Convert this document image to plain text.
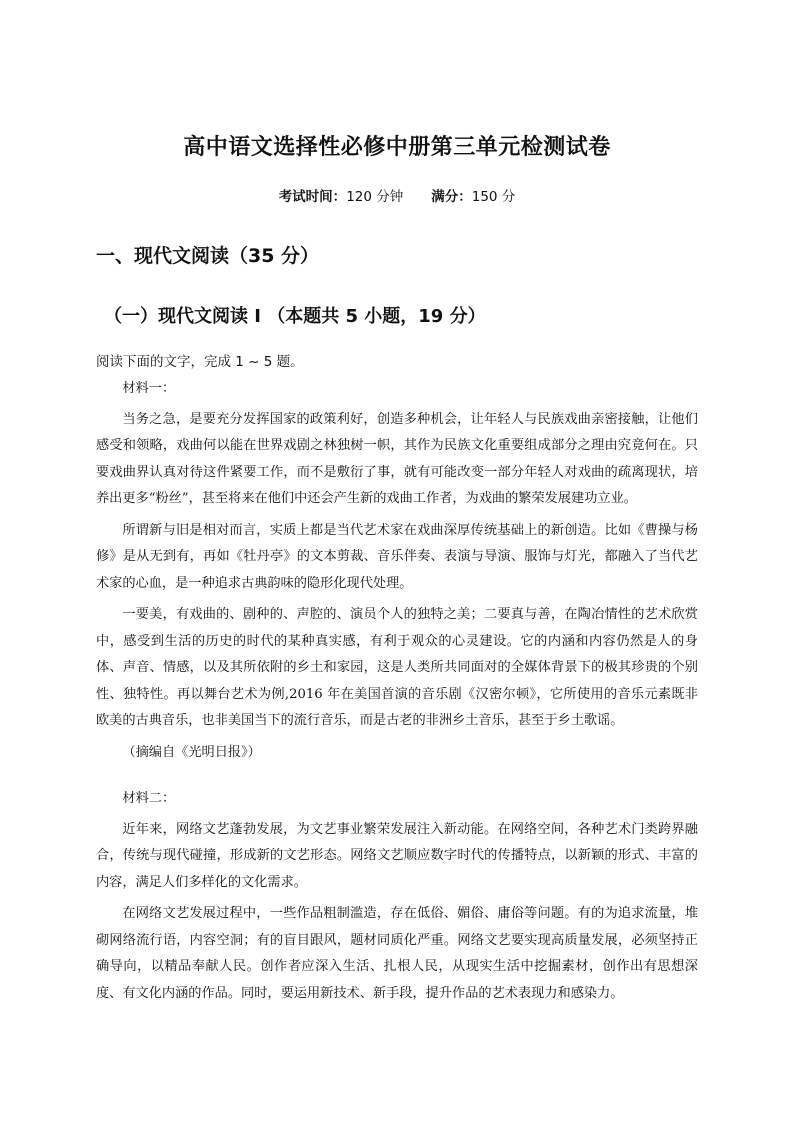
高中语文选择性必修中册第三单元检测试卷
考试时间：120 分钟 满分：150 分
一、现代文阅读（35 分）
（一）现代文阅读 Ⅰ （本题共 5 小题，19 分）
阅读下面的文字，完成 1 ~ 5 题。

材料一：

当务之急，是要充分发挥国家的政策利好，创造多种机会，让年轻人与民族戏曲亲密接触，让他们感受和领略，戏曲何以能在世界戏剧之林独树一帜，其作为民族文化重要组成部分之理由究竟何在。只要戏曲界认真对待这件紧要工作，而不是敷衍了事，就有可能改变一部分年轻人对戏曲的疏离现状，培养出更多“粉丝”，甚至将来在他们中还会产生新的戏曲工作者，为戏曲的繁荣发展建功立业。

所谓新与旧是相对而言，实质上都是当代艺术家在戏曲深厚传统基础上的新创造。比如《曹操与杨修》是从无到有，再如《牡丹亭》的文本剪裁、音乐伴奏、表演与导演、服饰与灯光，都融入了当代艺术家的心血，是一种追求古典韵味的隐形化现代处理。

一要美，有戏曲的、剧种的、声腔的、演员个人的独特之美；二要真与善，在陶冶情性的艺术欣赏中，感受到生活的历史的时代的某种真实感，有利于观众的心灵建设。它的内涵和内容仍然是人的身体、声音、情感，以及其所依附的乡土和家园，这是人类所共同面对的全媒体背景下的极其珍贵的个别性、独特性。再以舞台艺术为例,2016 年在美国首演的音乐剧《汉密尔顿》，它所使用的音乐元素既非欧美的古典音乐，也非美国当下的流行音乐，而是古老的非洲乡土音乐，甚至于乡土歌谣。

（摘编自《光明日报》）

材料二：

近年来，网络文艺蓬勃发展，为文艺事业繁荣发展注入新动能。在网络空间，各种艺术门类跨界融合，传统与现代碰撞，形成新的文艺形态。网络文艺顺应数字时代的传播特点，以新颖的形式、丰富的内容，满足人们多样化的文化需求。

在网络文艺发展过程中，一些作品粗制滥造，存在低俗、媚俗、庸俗等问题。有的为追求流量，堆砌网络流行语，内容空洞；有的盲目跟风，题材同质化严重。网络文艺要实现高质量发展，必须坚持正确导向，以精品奉献人民。创作者应深入生活、扎根人民，从现实生活中挖掘素材，创作出有思想深度、有文化内涵的作品。同时，要运用新技术、新手段，提升作品的艺术表现力和感染力。
